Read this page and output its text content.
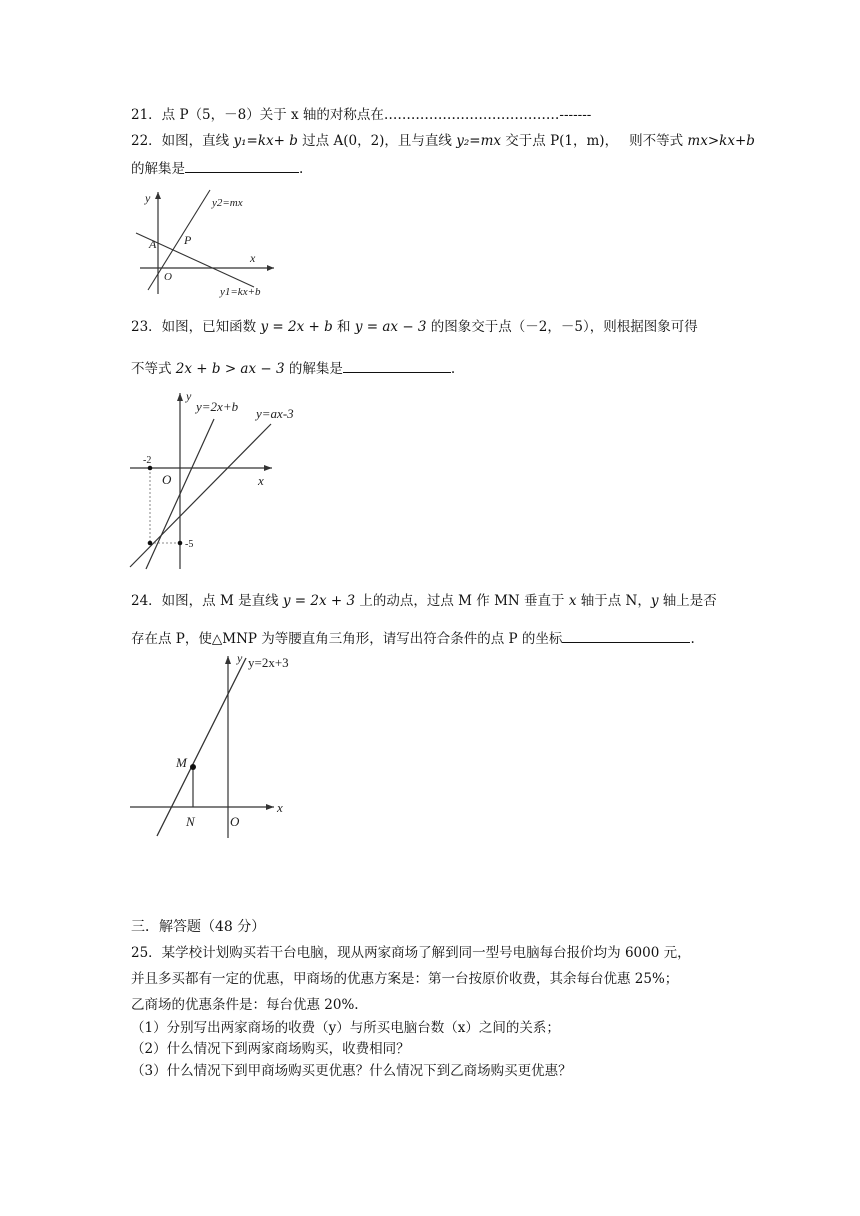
21．点 P（5，－8）关于 x 轴的对称点在…………………………………-------
22．如图，直线 y₁=kx+ b 过点 A(0，2)，且与直线 y₂=mx 交于点 P(1，m)，　 则不等式 mx>kx+b
的解集是	.
y
x
A P
O
y2=mx
y1=kx+b
23．如图，已知函数 y = 2x + b 和 y = ax − 3 的图象交于点（－2，－5），则根据图象可得
不等式 2x + b > ax − 3 的解集是	.
y
x
O
-2
-5
y=2x+b y=ax-3
24．如图，点 M 是直线 y = 2x + 3 上的动点，过点 M 作 MN 垂直于 x 轴于点 N，y 轴上是否
存在点 P，使△MNP 为等腰直角三角形，请写出符合条件的点 P 的坐标	.
y
x
y=2x+3
M
N	O
三．解答题（48 分）
25．某学校计划购买若干台电脑，现从两家商场了解到同一型号电脑每台报价均为 6000 元，
并且多买都有一定的优惠，甲商场的优惠方案是：第一台按原价收费，其余每台优惠 25%；
乙商场的优惠条件是：每台优惠 20%.
（1）分别写出两家商场的收费（y）与所买电脑台数（x）之间的关系；
（2）什么情况下到两家商场购买，收费相同？
（3）什么情况下到甲商场购买更优惠？什么情况下到乙商场购买更优惠？
